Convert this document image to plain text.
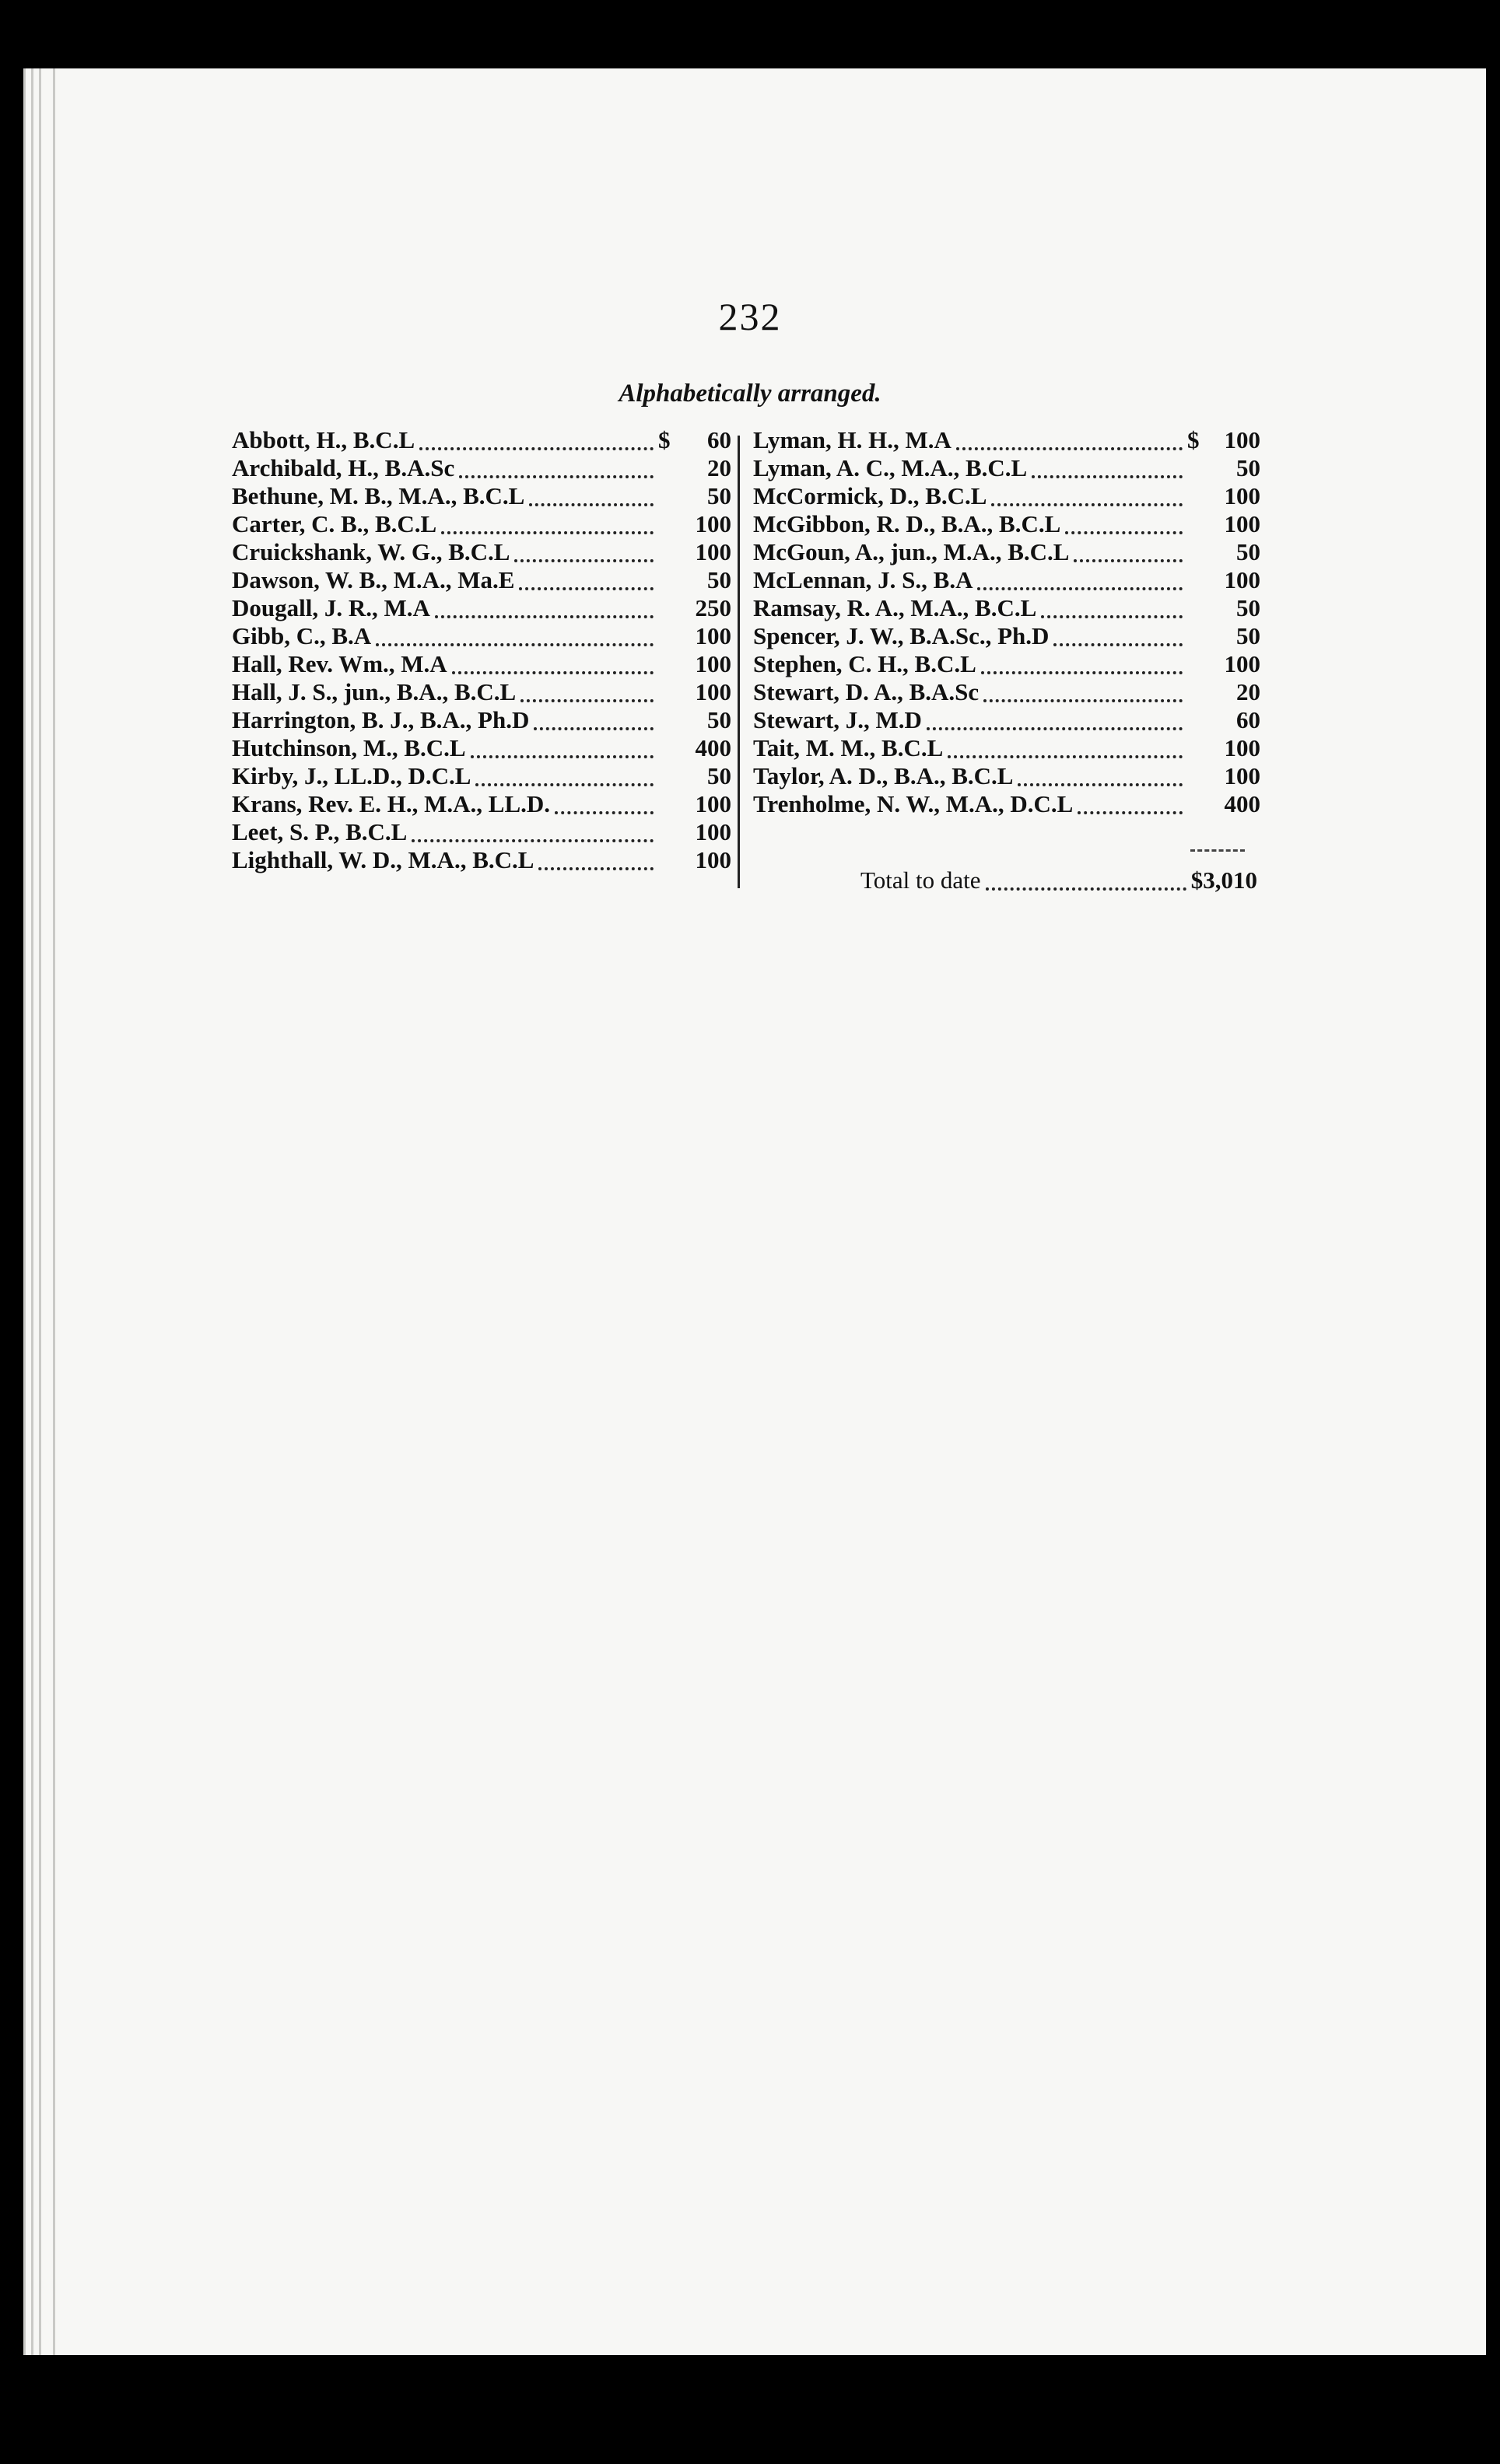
232
Alphabetically arranged.
Abbott, H., B.C.L	$	60
Archibald, H., B.A.Sc	20
Bethune, M. B., M.A., B.C.L	50
Carter, C. B., B.C.L	100
Cruickshank, W. G., B.C.L	100
Dawson, W. B., M.A., Ma.E	50
Dougall, J. R., M.A	250
Gibb, C., B.A	100
Hall, Rev. Wm., M.A	100
Hall, J. S., jun., B.A., B.C.L	100
Harrington, B. J., B.A., Ph.D	50
Hutchinson, M., B.C.L	400
Kirby, J., LL.D., D.C.L	50
Krans, Rev. E. H., M.A., LL.D.	100
Leet, S. P., B.C.L	100
Lighthall, W. D., M.A., B.C.L	100
Lyman, H. H., M.A	$	100
Lyman, A. C., M.A., B.C.L	50
McCormick, D., B.C.L	100
McGibbon, R. D., B.A., B.C.L	100
McGoun, A., jun., M.A., B.C.L	50
McLennan, J. S., B.A	100
Ramsay, R. A., M.A., B.C.L	50
Spencer, J. W., B.A.Sc., Ph.D	50
Stephen, C. H., B.C.L	100
Stewart, D. A., B.A.Sc	20
Stewart, J., M.D	60
Tait, M. M., B.C.L	100
Taylor, A. D., B.A., B.C.L	100
Trenholme, N. W., M.A., D.C.L	400
Total to date	$3,010
